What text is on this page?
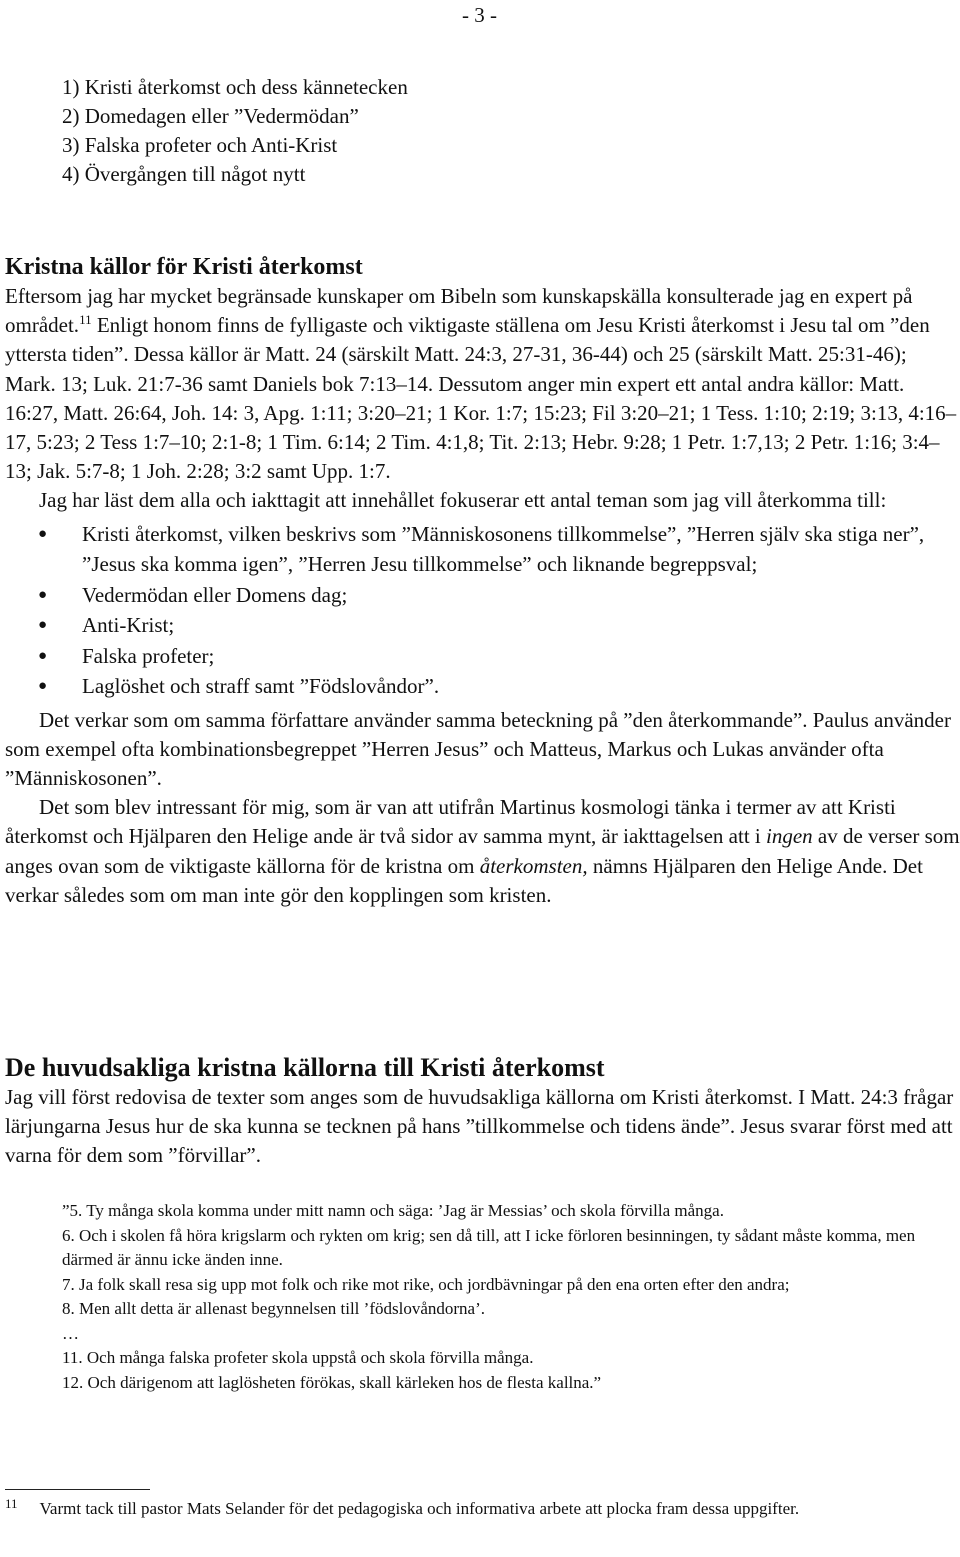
- 3 -
1) Kristi återkomst och dess kännetecken
2) Domedagen eller ”Vedermödan”
3) Falska profeter och Anti-Krist
4) Övergången till något nytt
Kristna källor för Kristi återkomst

Eftersom jag har mycket begränsade kunskaper om Bibeln som kunskapskälla konsulterade jag en expert på området.$^{11}$ Enligt honom finns de fylligaste och viktigaste ställena om Jesu Kristi återkomst i Jesu tal om ”den yttersta tiden”. Dessa källor är Matt. 24 (särskilt Matt. 24:3, 27-31, 36-44) och 25 (särskilt Matt. 25:31-46); Mark. 13; Luk. 21:7-36 samt Daniels bok 7:13–14. Dessutom anger min expert ett antal andra källor: Matt. 16:27, Matt. 26:64, Joh. 14: 3, Apg. 1:11; 3:20–21; 1 Kor. 1:7; 15:23; Fil 3:20–21; 1 Tess. 1:10; 2:19; 3:13, 4:16–17, 5:23; 2 Tess 1:7–10; 2:1-8; 1 Tim. 6:14; 2 Tim. 4:1,8; Tit. 2:13; Hebr. 9:28; 1 Petr. 1:7,13; 2 Petr. 1:16; 3:4–13; Jak. 5:7-8; 1 Joh. 2:28; 3:2 samt Upp. 1:7.

Jag har läst dem alla och iakttagit att innehållet fokuserar ett antal teman som jag vill återkomma till:

● Kristi återkomst, vilken beskrivs som ”Människosonens tillkommelse”, ”Herren själv ska stiga ner”, ”Jesus ska komma igen”, ”Herren Jesu tillkommelse” och liknande begreppsval;
● Vedermödan eller Domens dag;
● Anti-Krist;
● Falska profeter;
● Laglöshet och straff samt ”Födslovåndor”.

Det verkar som om samma författare använder samma beteckning på ”den återkommande”. Paulus använder som exempel ofta kombinationsbegreppet ”Herren Jesus” och Matteus, Markus och Lukas använder ofta ”Människosonen”.

Det som blev intressant för mig, som är van att utifrån Martinus kosmologi tänka i termer av att Kristi återkomst och Hjälparen den Helige ande är två sidor av samma mynt, är iakttagelsen att i ingen av de verser som anges ovan som de viktigaste källorna för de kristna om återkomsten, nämns Hjälparen den Helige Ande. Det verkar således som om man inte gör den kopplingen som kristen.

De huvudsakliga kristna källorna till Kristi återkomst

Jag vill först redovisa de texter som anges som de huvudsakliga källorna om Kristi återkomst. I Matt. 24:3 frågar lärjungarna Jesus hur de ska kunna se tecknen på hans ”tillkommelse och tidens ände”. Jesus svarar först med att varna för dem som ”förvillar”.

”5. Ty många skola komma under mitt namn och säga: ’Jag är Messias’ och skola förvilla många.

6. Och i skolen få höra krigslarm och rykten om krig; sen då till, att I icke förloren besinningen, ty sådant måste komma, men därmed är ännu icke änden inne.

7. Ja folk skall resa sig upp mot folk och rike mot rike, och jordbävningar på den ena orten efter den andra;

8. Men allt detta är allenast begynnelsen till ’födslovåndorna’.

…

11. Och många falska profeter skola uppstå och skola förvilla många.

12. Och därigenom att laglösheten förökas, skall kärleken hos de flesta kallna.”

$^{11}$ Varmt tack till pastor Mats Selander för det pedagogiska och informativa arbete att plocka fram dessa uppgifter.
